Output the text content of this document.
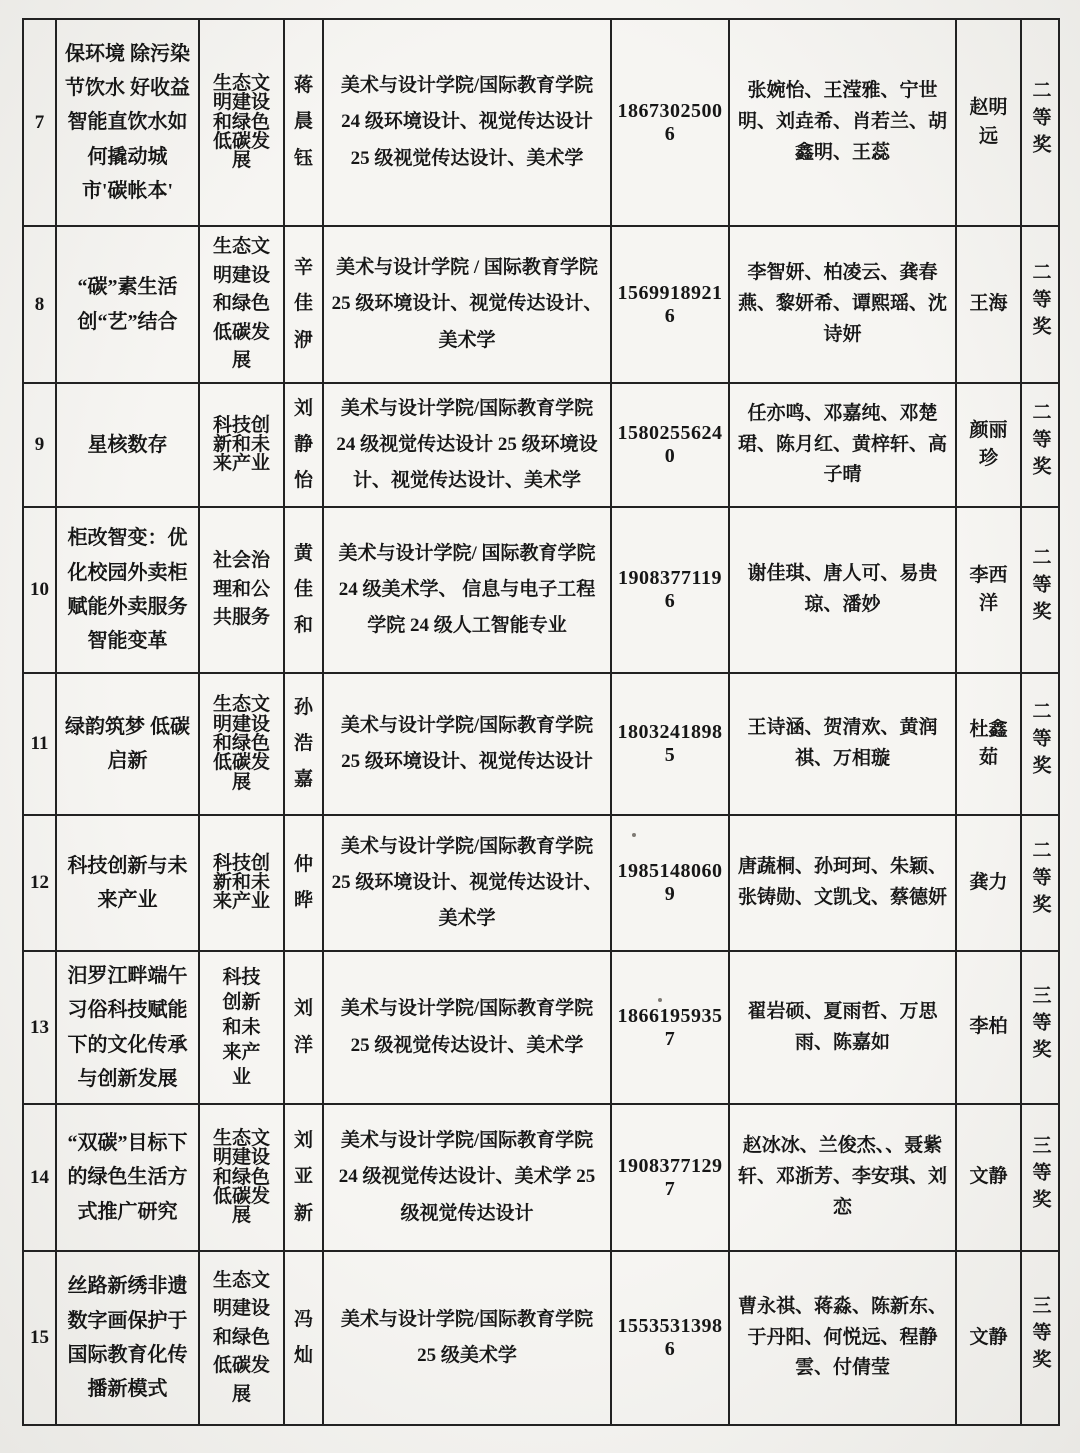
7	保环境 除污染 节饮水 好收益 智能直饮水如何撬动城市'碳帐本'	生态文明建设和绿色低碳发展	蒋晨钰	美术与设计学院/国际教育学院 24 级环境设计、视觉传达设计 25 级视觉传达设计、美术学	18673025006	张婉怡、王滢雅、宁世明、刘垚希、肖若兰、胡鑫明、王蕊	赵明远	二等奖
8	“碳”素生活 创“艺”结合	生态文明建设和绿色低碳发展	辛佳洢	美术与设计学院 / 国际教育学院 25 级环境设计、视觉传达设计、美术学	15699189216	李智妍、柏凌云、龚春燕、黎妍希、谭熙瑶、沈诗妍	王海	二等奖
9	星核数存	科技创新和未来产业	刘静怡	美术与设计学院/国际教育学院 24 级视觉传达设计 25 级环境设计、视觉传达设计、美术学	15802556240	任亦鸣、邓嘉纯、邓楚珺、陈月红、黄梓轩、高子晴	颜丽珍	二等奖
10	柜改智变：优化校园外卖柜赋能外卖服务智能变革	社会治理和公共服务	黄佳和	美术与设计学院/ 国际教育学院 24 级美术学、 信息与电子工程学院 24 级人工智能专业	19083771196	谢佳琪、唐人可、易贵琼、潘妙	李西洋	二等奖
11	绿韵筑梦 低碳启新	生态文明建设和绿色低碳发展	孙浩嘉	美术与设计学院/国际教育学院 25 级环境设计、视觉传达设计	18032418985	王诗涵、贺清欢、黄润祺、万相璇	杜鑫茹	二等奖
12	科技创新与未来产业	科技创新和未来产业	仲晔	美术与设计学院/国际教育学院 25 级环境设计、视觉传达设计、美术学	19851480609	唐蔬桐、孙珂珂、朱颖、张铸勋、文凯戈、蔡德妍	龚力	二等奖
13	汨罗江畔端午习俗科技赋能下的文化传承与创新发展	科技创新和未来产业	刘洋	美术与设计学院/国际教育学院 25 级视觉传达设计、美术学	18661959357	翟岩硕、夏雨哲、万思雨、陈嘉如	李柏	三等奖
14	“双碳”目标下的绿色生活方式推广研究	生态文明建设和绿色低碳发展	刘亚新	美术与设计学院/国际教育学院 24 级视觉传达设计、美术学 25 级视觉传达设计	19083771297	赵冰冰、兰俊杰、、聂紫轩、邓浙芳、李安琪、刘恋	文静	三等奖
15	丝路新绣非遗数字画保护于国际教育化传播新模式	生态文明建设和绿色低碳发展	冯灿	美术与设计学院/国际教育学院 25 级美术学	15535313986	曹永祺、蒋淼、陈新东、于丹阳、何悦远、程静雲、付倩莹	文静	三等奖
